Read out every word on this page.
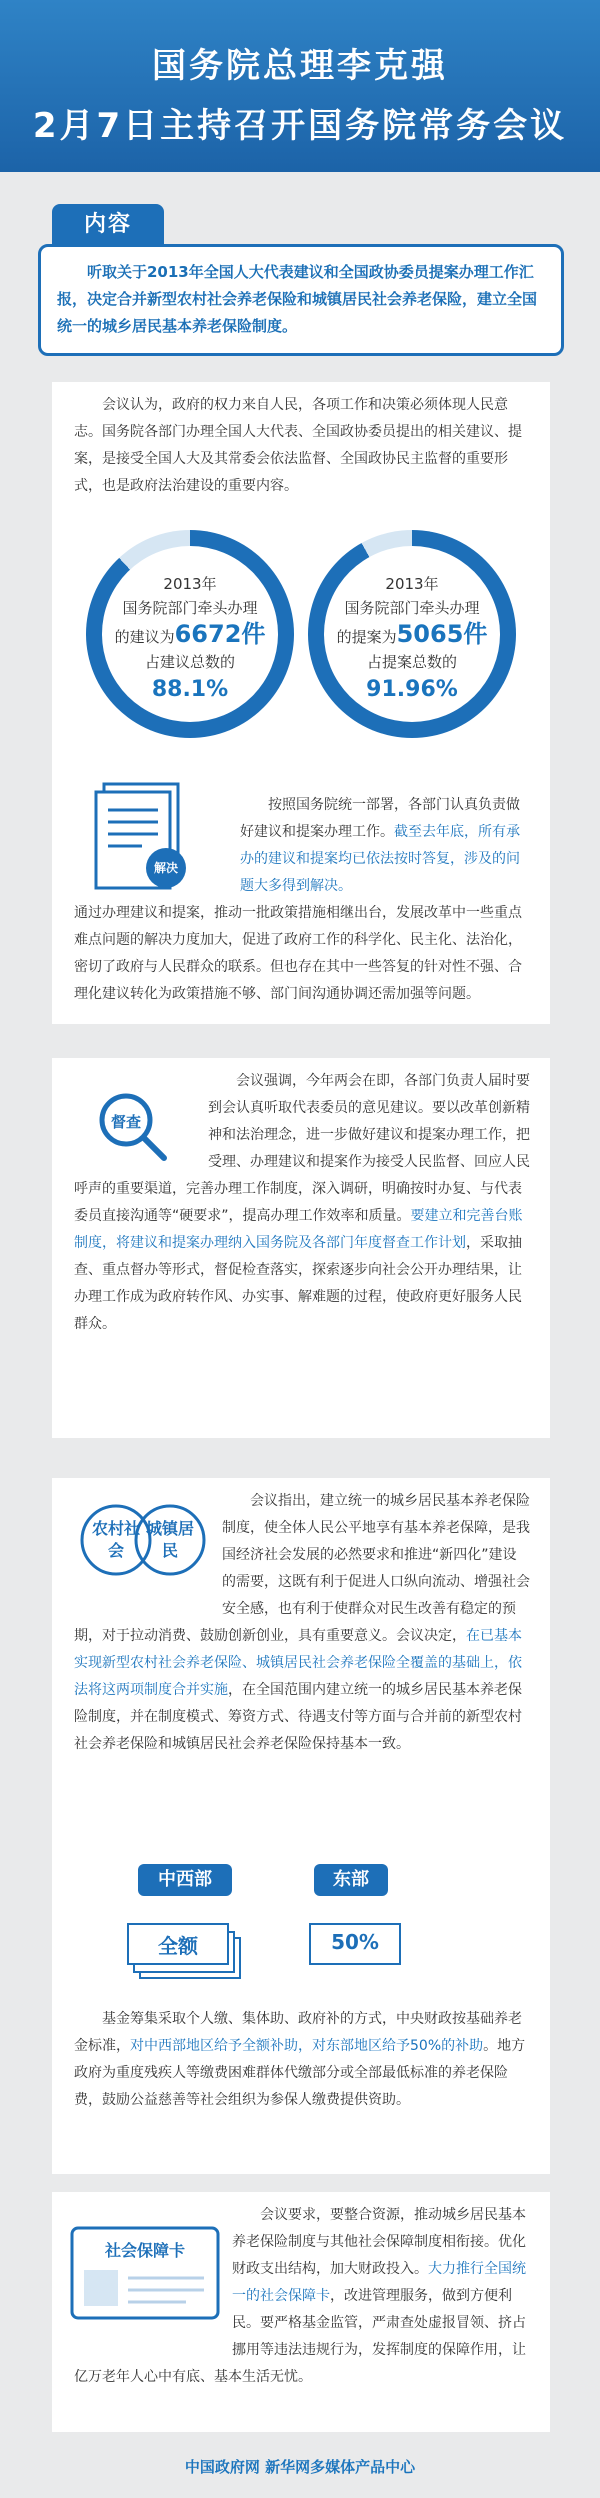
国务院总理李克强
2月7日主持召开国务院常务会议
内容

听取关于2013年全国人大代表建议和全国政协委员提案办理工作汇报，决定合并新型农村社会养老保险和城镇居民社会养老保险，建立全国统一的城乡居民基本养老保险制度。

会议认为，政府的权力来自人民，各项工作和决策必须体现人民意志。国务院各部门办理全国人大代表、全国政协委员提出的相关建议、提案，是接受全国人大及其常委会依法监督、全国政协民主监督的重要形式，也是政府法治建设的重要内容。
2013年
国务院部门牵头办理
的建议为6672件
占建议总数的
88.1%
2013年
国务院部门牵头办理
的提案为5065件
占提案总数的
91.96%
解决
按照国务院统一部署，各部门认真负责做好建议和提案办理工作。截至去年底，所有承办的建议和提案均已依法按时答复，涉及的问题大多得到解决。
通过办理建议和提案，推动一批政策措施相继出台，发展改革中一些重点难点问题的解决力度加大，促进了政府工作的科学化、民主化、法治化，密切了政府与人民群众的联系。但也存在其中一些答复的针对性不强、合理化建议转化为政策措施不够、部门间沟通协调还需加强等问题。
督查
会议强调，今年两会在即，各部门负责人届时要到会认真听取代表委员的意见建议。要以改革创新精神和法治理念，进一步做好建议和提案办理工作，把受理、办理建议和提案作为接受人民监督、回应人民呼声的重要渠道，完善办理工作制度，深入调研，明确按时办复、与代表委员直接沟通等“硬要求”，提高办理工作效率和质量。要建立和完善台账制度，将建议和提案办理纳入国务院及各部门年度督查工作计划，采取抽查、重点督办等形式，督促检查落实，探索逐步向社会公开办理结果，让办理工作成为政府转作风、办实事、解难题的过程，使政府更好服务人民群众。
农村社会
城镇居民
会议指出，建立统一的城乡居民基本养老保险制度，使全体人民公平地享有基本养老保障，是我国经济社会发展的必然要求和推进“新四化”建设的需要，这既有利于促进人口纵向流动、增强社会安全感，也有利于使群众对民生改善有稳定的预期，对于拉动消费、鼓励创新创业，具有重要意义。会议决定，在已基本实现新型农村社会养老保险、城镇居民社会养老保险全覆盖的基础上，依法将这两项制度合并实施，在全国范围内建立统一的城乡居民基本养老保险制度，并在制度模式、筹资方式、待遇支付等方面与合并前的新型农村社会养老保险和城镇居民社会养老保险保持基本一致。
中西部
全额
东部
50%
基金筹集采取个人缴、集体助、政府补的方式，中央财政按基础养老金标准，对中西部地区给予全额补助，对东部地区给予50%的补助。地方政府为重度残疾人等缴费困难群体代缴部分或全部最低标准的养老保险费，鼓励公益慈善等社会组织为参保人缴费提供资助。
社会保障卡
会议要求，要整合资源，推动城乡居民基本养老保险制度与其他社会保障制度相衔接。优化财政支出结构，加大财政投入。大力推行全国统一的社会保障卡，改进管理服务，做到方便利民。要严格基金监管，严肃查处虚报冒领、挤占挪用等违法违规行为，发挥制度的保障作用，让亿万老年人心中有底、基本生活无忧。
中国政府网 新华网多媒体产品中心
